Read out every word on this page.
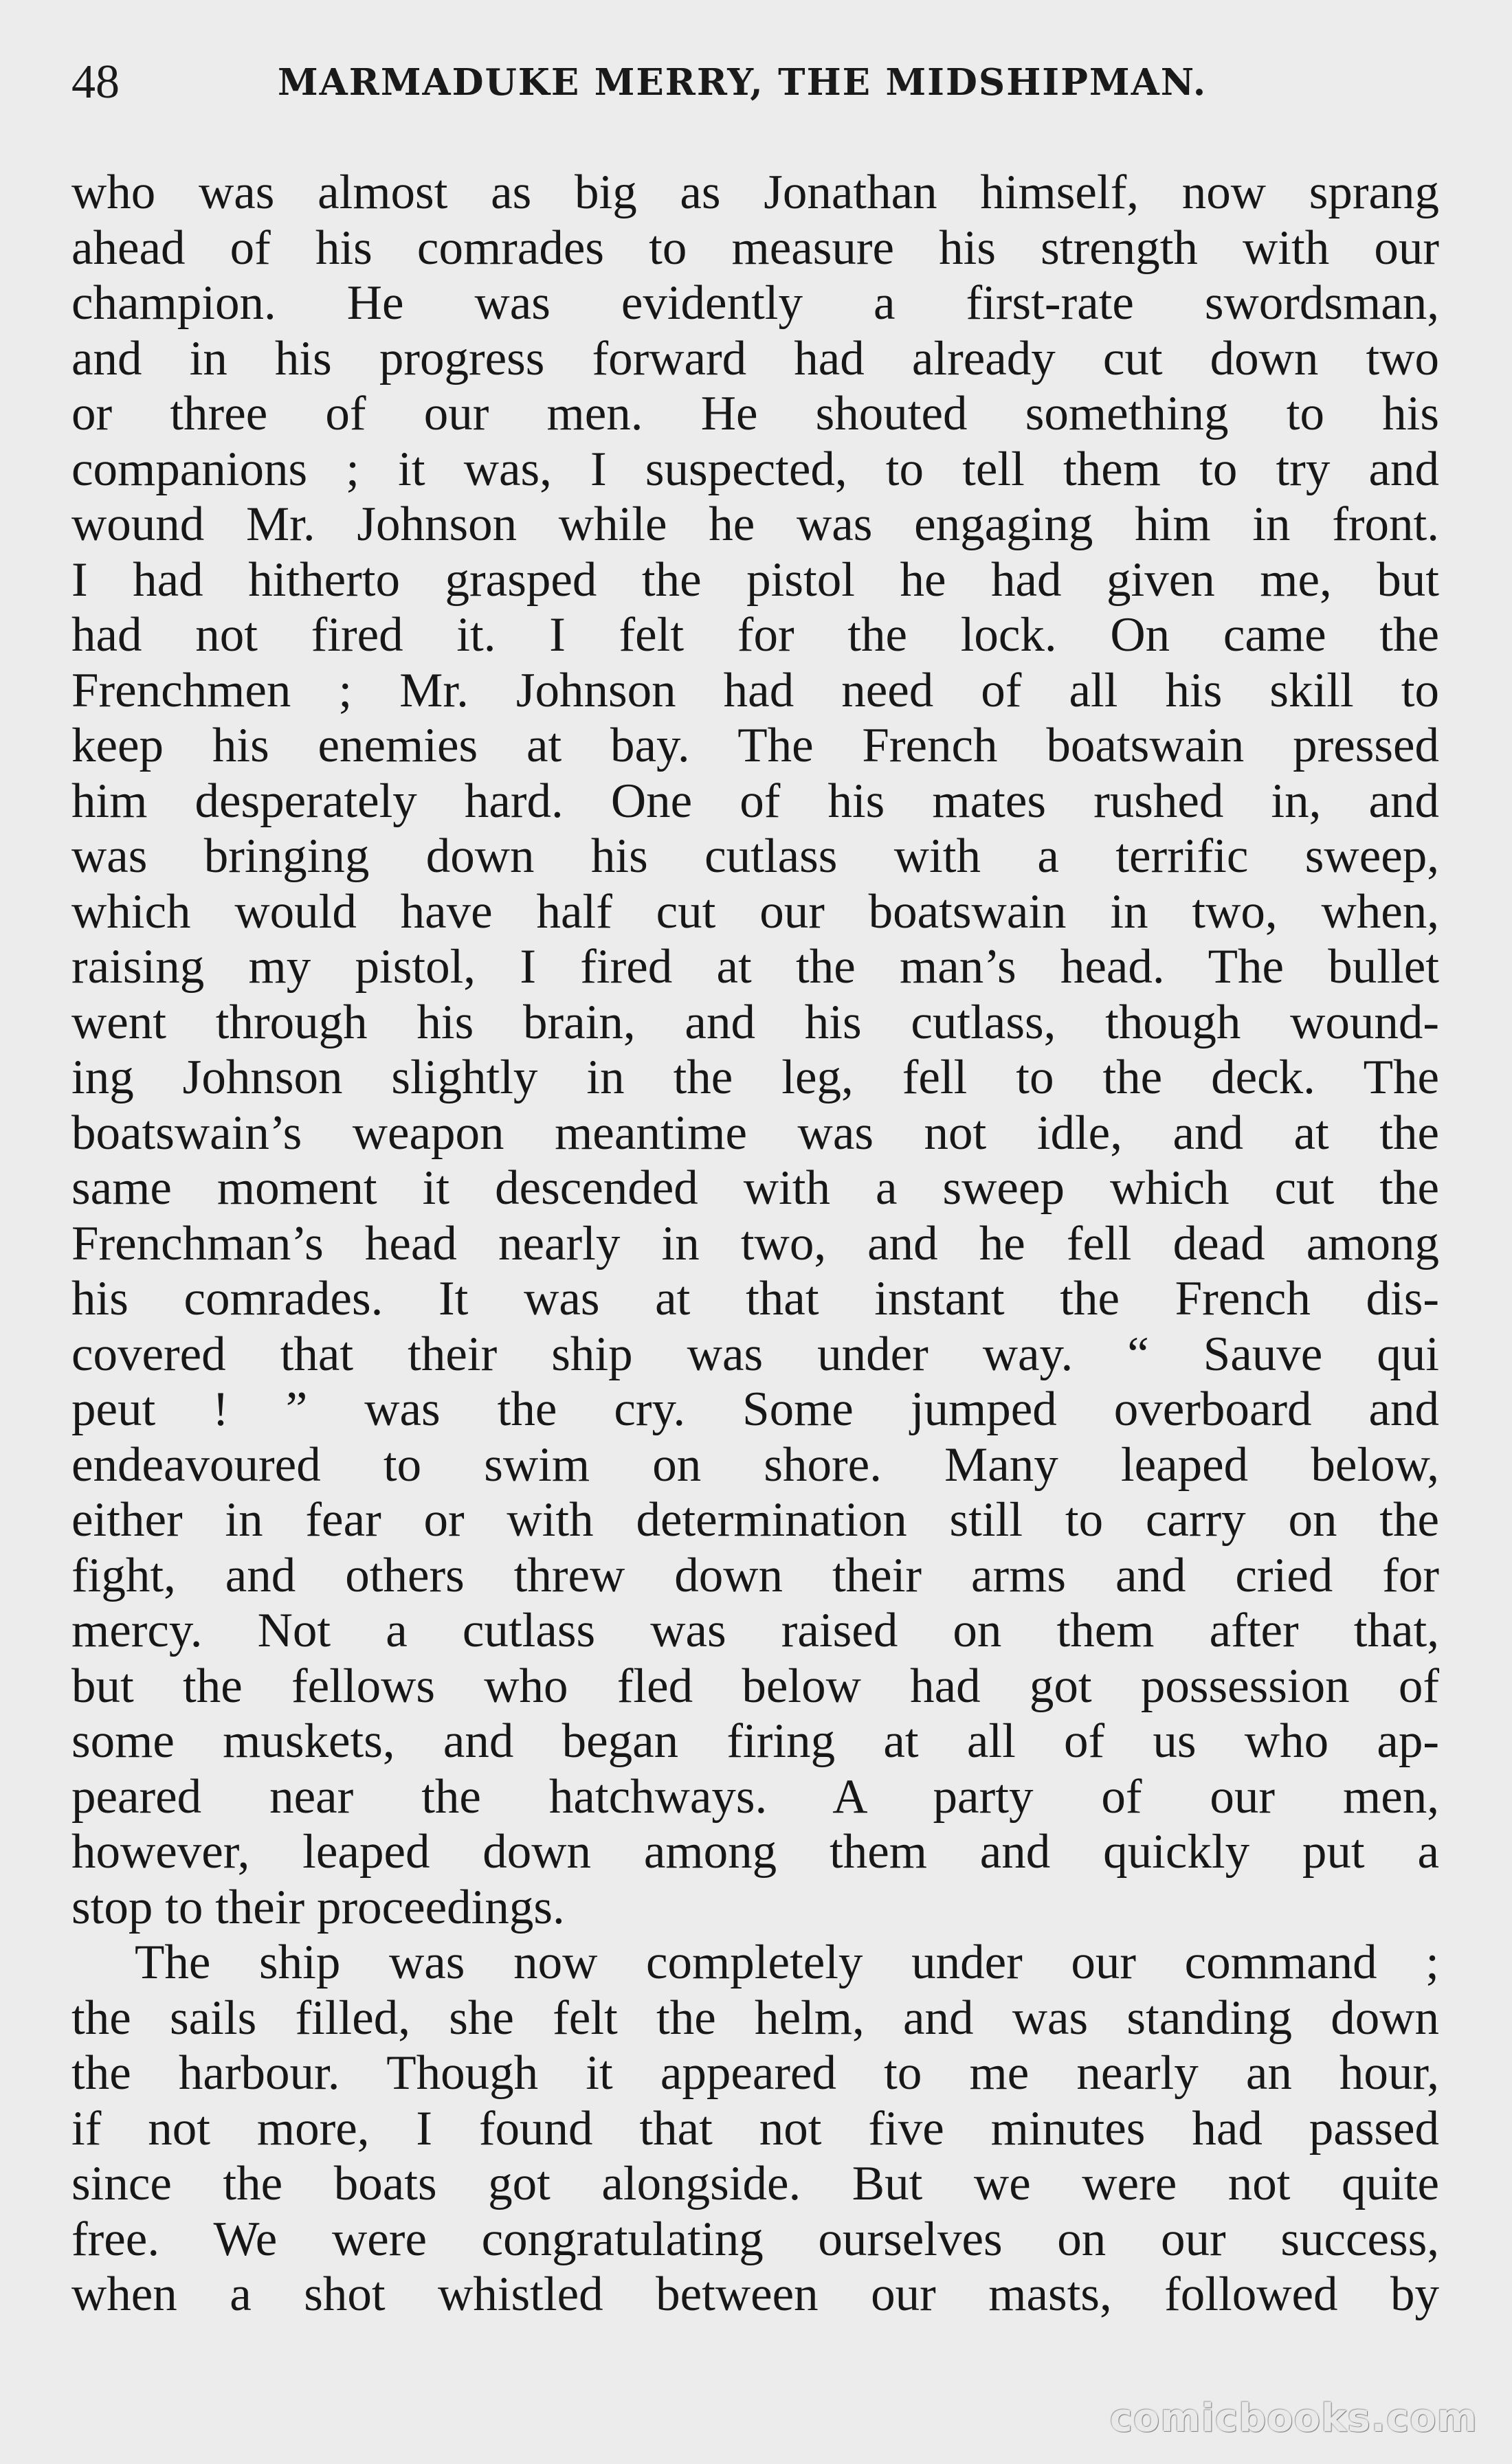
48	MARMADUKE MERRY, THE MIDSHIPMAN.
who was almost as big as Jonathan himself, now sprang
ahead of his comrades to measure his strength with our
champion. He was evidently a first-rate swordsman,
and in his progress forward had already cut down two
or three of our men. He shouted something to his
companions ; it was, I suspected, to tell them to try and
wound Mr. Johnson while he was engaging him in front.
I had hitherto grasped the pistol he had given me, but
had not fired it. I felt for the lock. On came the
Frenchmen ; Mr. Johnson had need of all his skill to
keep his enemies at bay. The French boatswain pressed
him desperately hard. One of his mates rushed in, and
was bringing down his cutlass with a terrific sweep,
which would have half cut our boatswain in two, when,
raising my pistol, I fired at the man’s head. The bullet
went through his brain, and his cutlass, though wound-
ing Johnson slightly in the leg, fell to the deck. The
boatswain’s weapon meantime was not idle, and at the
same moment it descended with a sweep which cut the
Frenchman’s head nearly in two, and he fell dead among
his comrades. It was at that instant the French dis-
covered that their ship was under way. “ Sauve qui
peut ! ” was the cry. Some jumped overboard and
endeavoured to swim on shore. Many leaped below,
either in fear or with determination still to carry on the
fight, and others threw down their arms and cried for
mercy. Not a cutlass was raised on them after that,
but the fellows who fled below had got possession of
some muskets, and began firing at all of us who ap-
peared near the hatchways. A party of our men,
however, leaped down among them and quickly put a
stop to their proceedings.
The ship was now completely under our command ;
the sails filled, she felt the helm, and was standing down
the harbour. Though it appeared to me nearly an hour,
if not more, I found that not five minutes had passed
since the boats got alongside. But we were not quite
free. We were congratulating ourselves on our success,
when a shot whistled between our masts, followed by
comicbooks.com
